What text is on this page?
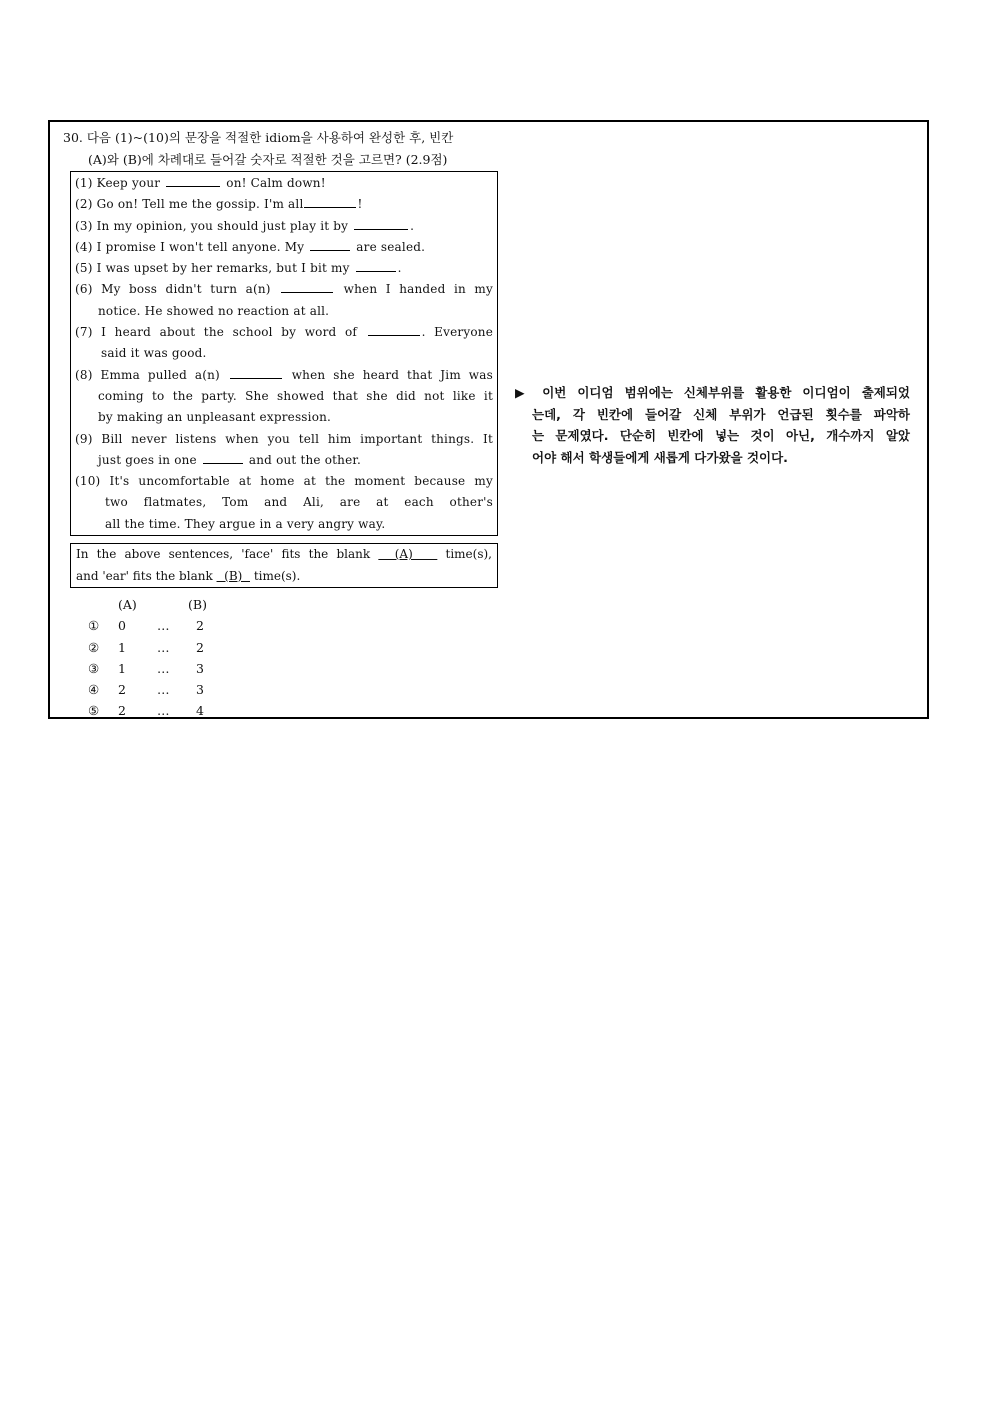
30. 다음 (1)~(10)의 문장을 적절한 idiom을 사용하여 완성한 후, 빈칸
(A)와 (B)에 차례대로 들어갈 숫자로 적절한 것을 고르면? (2.9점)
(1) Keep your	on! Calm down!
(2) Go on! Tell me the gossip. I'm all	!
(3) In my opinion, you should just play it by	.
(4) I promise I won't tell anyone. My	are sealed.
(5) I was upset by her remarks, but I bit my	.
(6) My boss didn't turn a(n)	when I handed in my
notice. He showed no reaction at all.
(7) I heard about the school by word of	. Everyone
said it was good.
(8) Emma pulled a(n)	when she heard that Jim was
coming to the party. She showed that she did not like it
by making an unpleasant expression.
(9) Bill never listens when you tell him important things. It
just goes in one	and out the other.
(10) It's uncomfortable at home at the moment because my
two flatmates, Tom and Ali, are at each other's
all the time. They argue in a very angry way.
In the above sentences, 'face' fits the blank   (A)    time(s),
and 'ear' fits the blank   (B)   time(s).
(A)	(B)
① 0 … 2
② 1 … 2
③ 1 … 3
④ 2 … 3
⑤ 2 … 4
▶ 이번 이디엄 범위에는 신체부위를 활용한 이디엄이 출제되었
는데, 각 빈칸에 들어갈 신체 부위가 언급된 횟수를 파악하
는 문제였다. 단순히 빈칸에 넣는 것이 아닌, 개수까지 알았
어야 해서 학생들에게 새롭게 다가왔을 것이다.
